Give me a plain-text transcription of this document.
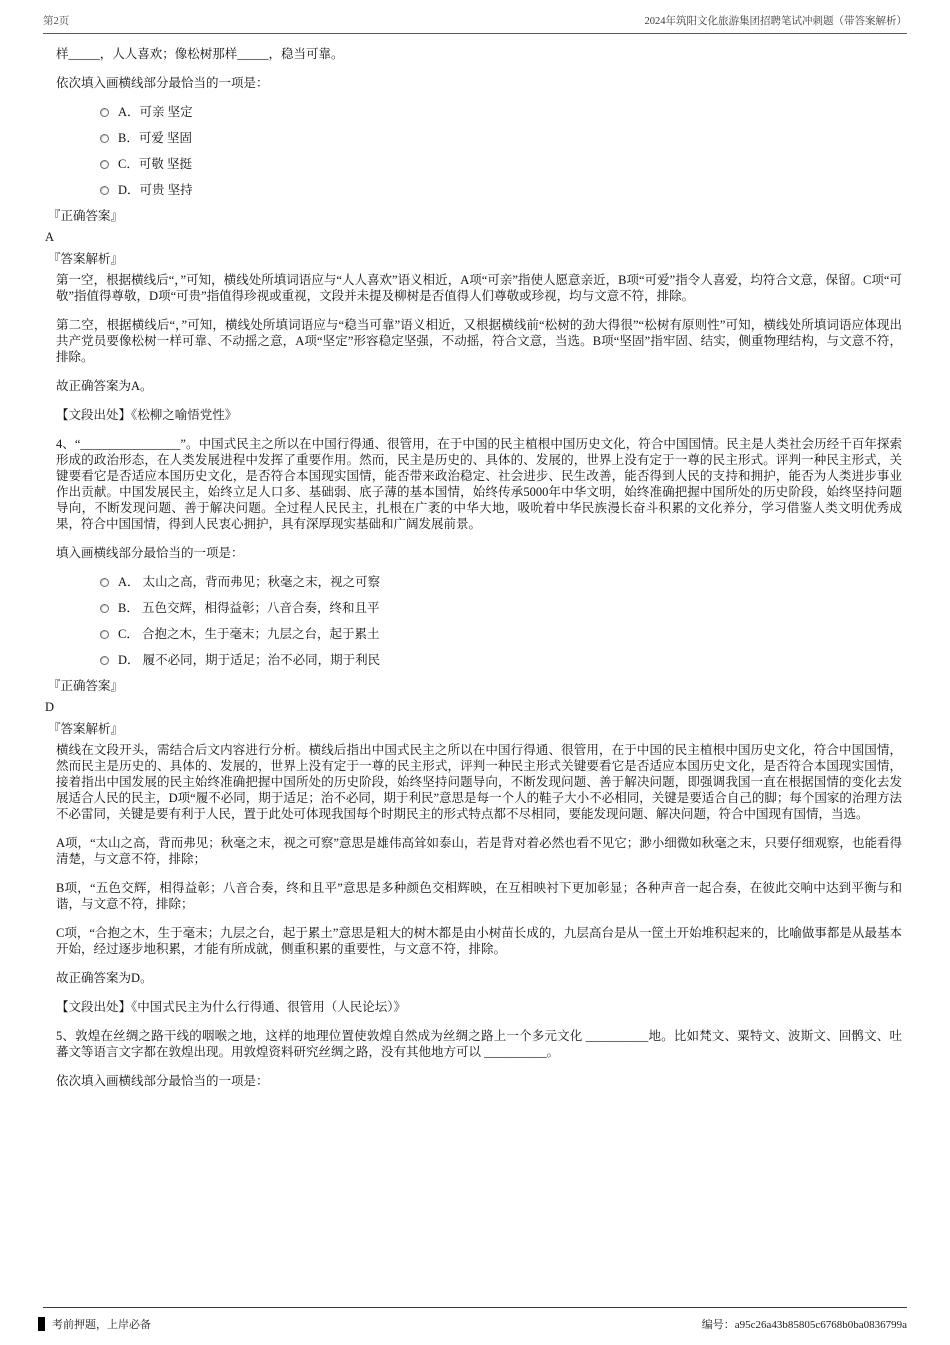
第2页	2024年筑阳文化旅游集团招聘笔试冲刺题（带答案解析）

样_____，人人喜欢；像松树那样_____，稳当可靠。

依次填入画横线部分最恰当的一项是：

A．可亲 坚定
B．可爱 坚固
C．可敬 坚挺
D．可贵 坚持

『正确答案』

A

『答案解析』

第一空，根据横线后“，”可知，横线处所填词语应与“人人喜欢”语义相近，A项“可亲”指使人愿意亲近，B项“可爱”指令人喜爱，均符合文意，保留。C项“可敬”指值得尊敬，D项“可贵”指值得珍视或重视，文段并未提及柳树是否值得人们尊敬或珍视，均与文意不符，排除。

第二空，根据横线后“，”可知，横线处所填词语应与“稳当可靠”语义相近，又根据横线前“松树的劲大得很”“松树有原则性”可知，横线处所填词语应体现出共产党员要像松树一样可靠、不动摇之意，A项“坚定”形容稳定坚强，不动摇，符合文意，当选。B项“坚固”指牢固、结实，侧重物理结构，与文意不符，排除。

故正确答案为A。

【文段出处】《松柳之喻悟党性》

4、“________________”。中国式民主之所以在中国行得通、很管用，在于中国的民主植根中国历史文化，符合中国国情。民主是人类社会历经千百年探索形成的政治形态，在人类发展进程中发挥了重要作用。然而，民主是历史的、具体的、发展的，世界上没有定于一尊的民主形式。评判一种民主形式，关键要看它是否适应本国历史文化，是否符合本国现实国情，能否带来政治稳定、社会进步、民生改善，能否得到人民的支持和拥护，能否为人类进步事业作出贡献。中国发展民主，始终立足人口多、基础弱、底子薄的基本国情，始终传承5000年中华文明，始终准确把握中国所处的历史阶段，始终坚持问题导向，不断发现问题、善于解决问题。全过程人民民主，扎根在广袤的中华大地，吸吮着中华民族漫长奋斗积累的文化养分，学习借鉴人类文明优秀成果，符合中国国情，得到人民衷心拥护，具有深厚现实基础和广阔发展前景。

填入画横线部分最恰当的一项是：

A． 太山之高，背而弗见；秋毫之末，视之可察
B． 五色交辉，相得益彰；八音合奏，终和且平
C． 合抱之木，生于毫末；九层之台，起于累土
D． 履不必同，期于适足；治不必同，期于利民

『正确答案』

D

『答案解析』

横线在文段开头，需结合后文内容进行分析。横线后指出中国式民主之所以在中国行得通、很管用，在于中国的民主植根中国历史文化，符合中国国情，然而民主是历史的、具体的、发展的，世界上没有定于一尊的民主形式，评判一种民主形式关键要看它是否适应本国历史文化，是否符合本国现实国情，接着指出中国发展的民主始终准确把握中国所处的历史阶段，始终坚持问题导向，不断发现问题、善于解决问题，即强调我国一直在根据国情的变化去发展适合人民的民主，D项“履不必同，期于适足；治不必同，期于利民”意思是每一个人的鞋子大小不必相同，关键是要适合自己的脚；每个国家的治理方法不必雷同，关键是要有利于人民，置于此处可体现我国每个时期民主的形式特点都不尽相同，要能发现问题、解决问题，符合中国现有国情，当选。

A项，“太山之高，背而弗见；秋毫之末，视之可察”意思是雄伟高耸如泰山，若是背对着必然也看不见它；渺小细微如秋毫之末，只要仔细观察，也能看得清楚，与文意不符，排除；

B项，“五色交辉，相得益彰；八音合奏，终和且平”意思是多种颜色交相辉映，在互相映衬下更加彰显；各种声音一起合奏，在彼此交响中达到平衡与和谐，与文意不符，排除；

C项，“合抱之木，生于毫末；九层之台，起于累土”意思是粗大的树木都是由小树苗长成的，九层高台是从一筐土开始堆积起来的，比喻做事都是从最基本开始，经过逐步地积累，才能有所成就，侧重积累的重要性，与文意不符，排除。

故正确答案为D。

【文段出处】《中国式民主为什么行得通、很管用（人民论坛）》

5、敦煌在丝绸之路干线的咽喉之地，这样的地理位置使敦煌自然成为丝绸之路上一个多元文化 __________地。比如梵文、粟特文、波斯文、回鹘文、吐蕃文等语言文字都在敦煌出现。用敦煌资料研究丝绸之路，没有其他地方可以 __________。

依次填入画横线部分最恰当的一项是：

考前押题，上岸必备	编号：a95c26a43b85805c6768b0ba0836799a
